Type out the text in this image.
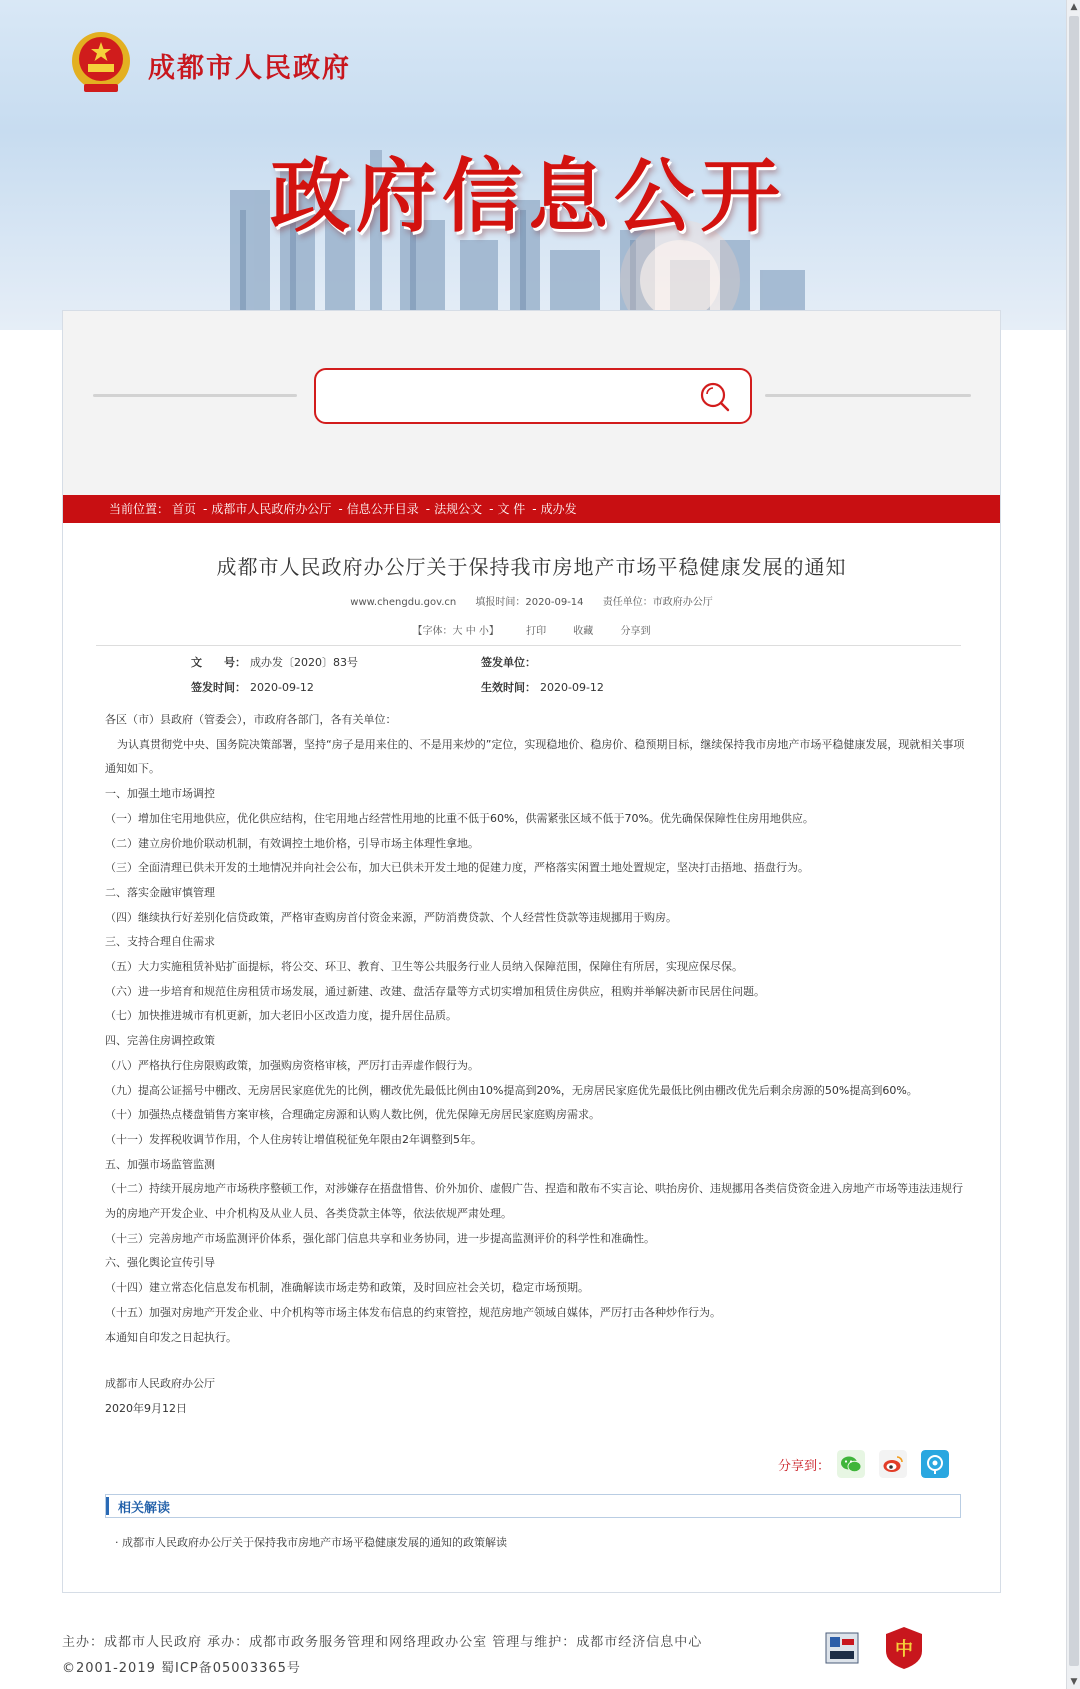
成都市人民政府
政府信息公开
▲
▼
当前位置： 首页 - 成都市人民政府办公厅 - 信息公开目录 - 法规公文 - 文 件 - 成办发
成都市人民政府办公厅关于保持我市房地产市场平稳健康发展的通知
www.chengdu.gov.cn 填报时间：2020-09-14 责任单位：市政府办公厅
【字体：大 中 小】	打印	收藏	分享到
文　　号： 成办发〔2020〕83号	签发单位：
签发时间： 2020-09-12	生效时间： 2020-09-12

各区（市）县政府（管委会），市政府各部门，各有关单位：

为认真贯彻党中央、国务院决策部署，坚持“房子是用来住的、不是用来炒的”定位，实现稳地价、稳房价、稳预期目标，继续保持我市房地产市场平稳健康发展，现就相关事项通知如下。

一、加强土地市场调控

（一）增加住宅用地供应，优化供应结构，住宅用地占经营性用地的比重不低于60%，供需紧张区域不低于70%。优先确保保障性住房用地供应。

（二）建立房价地价联动机制，有效调控土地价格，引导市场主体理性拿地。

（三）全面清理已供未开发的土地情况并向社会公布，加大已供未开发土地的促建力度，严格落实闲置土地处置规定，坚决打击捂地、捂盘行为。

二、落实金融审慎管理

（四）继续执行好差别化信贷政策，严格审查购房首付资金来源，严防消费贷款、个人经营性贷款等违规挪用于购房。

三、支持合理自住需求

（五）大力实施租赁补贴扩面提标，将公交、环卫、教育、卫生等公共服务行业人员纳入保障范围，保障住有所居，实现应保尽保。

（六）进一步培育和规范住房租赁市场发展，通过新建、改建、盘活存量等方式切实增加租赁住房供应，租购并举解决新市民居住问题。

（七）加快推进城市有机更新，加大老旧小区改造力度，提升居住品质。

四、完善住房调控政策

（八）严格执行住房限购政策，加强购房资格审核，严厉打击弄虚作假行为。

（九）提高公证摇号中棚改、无房居民家庭优先的比例，棚改优先最低比例由10%提高到20%，无房居民家庭优先最低比例由棚改优先后剩余房源的50%提高到60%。

（十）加强热点楼盘销售方案审核，合理确定房源和认购人数比例，优先保障无房居民家庭购房需求。

（十一）发挥税收调节作用，个人住房转让增值税征免年限由2年调整到5年。

五、加强市场监管监测

（十二）持续开展房地产市场秩序整顿工作，对涉嫌存在捂盘惜售、价外加价、虚假广告、捏造和散布不实言论、哄抬房价、违规挪用各类信贷资金进入房地产市场等违法违规行为的房地产开发企业、中介机构及从业人员、各类贷款主体等，依法依规严肃处理。

（十三）完善房地产市场监测评价体系，强化部门信息共享和业务协同，进一步提高监测评价的科学性和准确性。

六、强化舆论宣传引导

（十四）建立常态化信息发布机制，准确解读市场走势和政策，及时回应社会关切，稳定市场预期。

（十五）加强对房地产开发企业、中介机构等市场主体发布信息的约束管控，规范房地产领域自媒体，严厉打击各种炒作行为。

本通知自印发之日起执行。

成都市人民政府办公厅
2020年9月12日
分享到：
相关解读
· 成都市人民政府办公厅关于保持我市房地产市场平稳健康发展的通知的政策解读
主办：成都市人民政府 承办：成都市政务服务管理和网络理政办公室 管理与维护：成都市经济信息中心
©2001-2019 蜀ICP备05003365号
中
